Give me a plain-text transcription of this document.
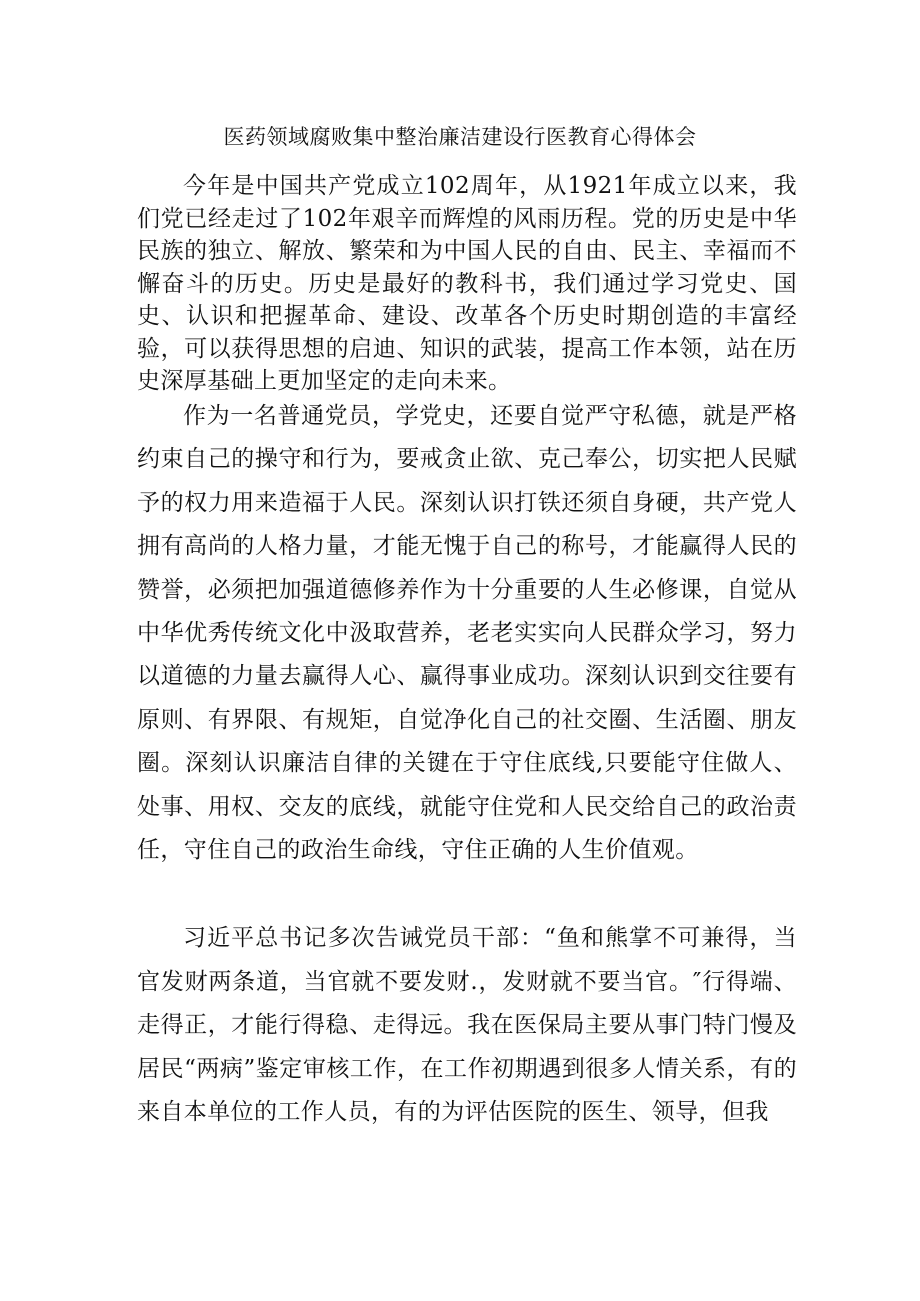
医药领域腐败集中整治廉洁建设行医教育心得体会

今年是中国共产党成立102周年，从1921年成立以来，我们党已经走过了102年艰辛而辉煌的风雨历程。党的历史是中华民族的独立、解放、繁荣和为中国人民的自由、民主、幸福而不懈奋斗的历史。历史是最好的教科书，我们通过学习党史、国史、认识和把握革命、建设、改革各个历史时期创造的丰富经验，可以获得思想的启迪、知识的武装，提高工作本领，站在历史深厚基础上更加坚定的走向未来。

作为一名普通党员，学党史，还要自觉严守私德，就是严格约束自己的操守和行为，要戒贪止欲、克己奉公，切实把人民赋予的权力用来造福于人民。深刻认识打铁还须自身硬，共产党人拥有高尚的人格力量，才能无愧于自己的称号，才能赢得人民的赞誉，必须把加强道德修养作为十分重要的人生必修课，自觉从中华优秀传统文化中汲取营养，老老实实向人民群众学习，努力以道德的力量去赢得人心、赢得事业成功。深刻认识到交往要有原则、有界限、有规矩，自觉净化自己的社交圈、生活圈、朋友圈。深刻认识廉洁自律的关键在于守住底线,只要能守住做人、处事、用权、交友的底线，就能守住党和人民交给自己的政治责任，守住自己的政治生命线，守住正确的人生价值观。

习近平总书记多次告诫党员干部：“鱼和熊掌不可兼得，当官发财两条道，当官就不要发财.，发财就不要当官。″行得端、走得正，才能行得稳、走得远。我在医保局主要从事门特门慢及居民“两病”鉴定审核工作，在工作初期遇到很多人情关系，有的来自本单位的工作人员，有的为评估医院的医生、领导，但我
